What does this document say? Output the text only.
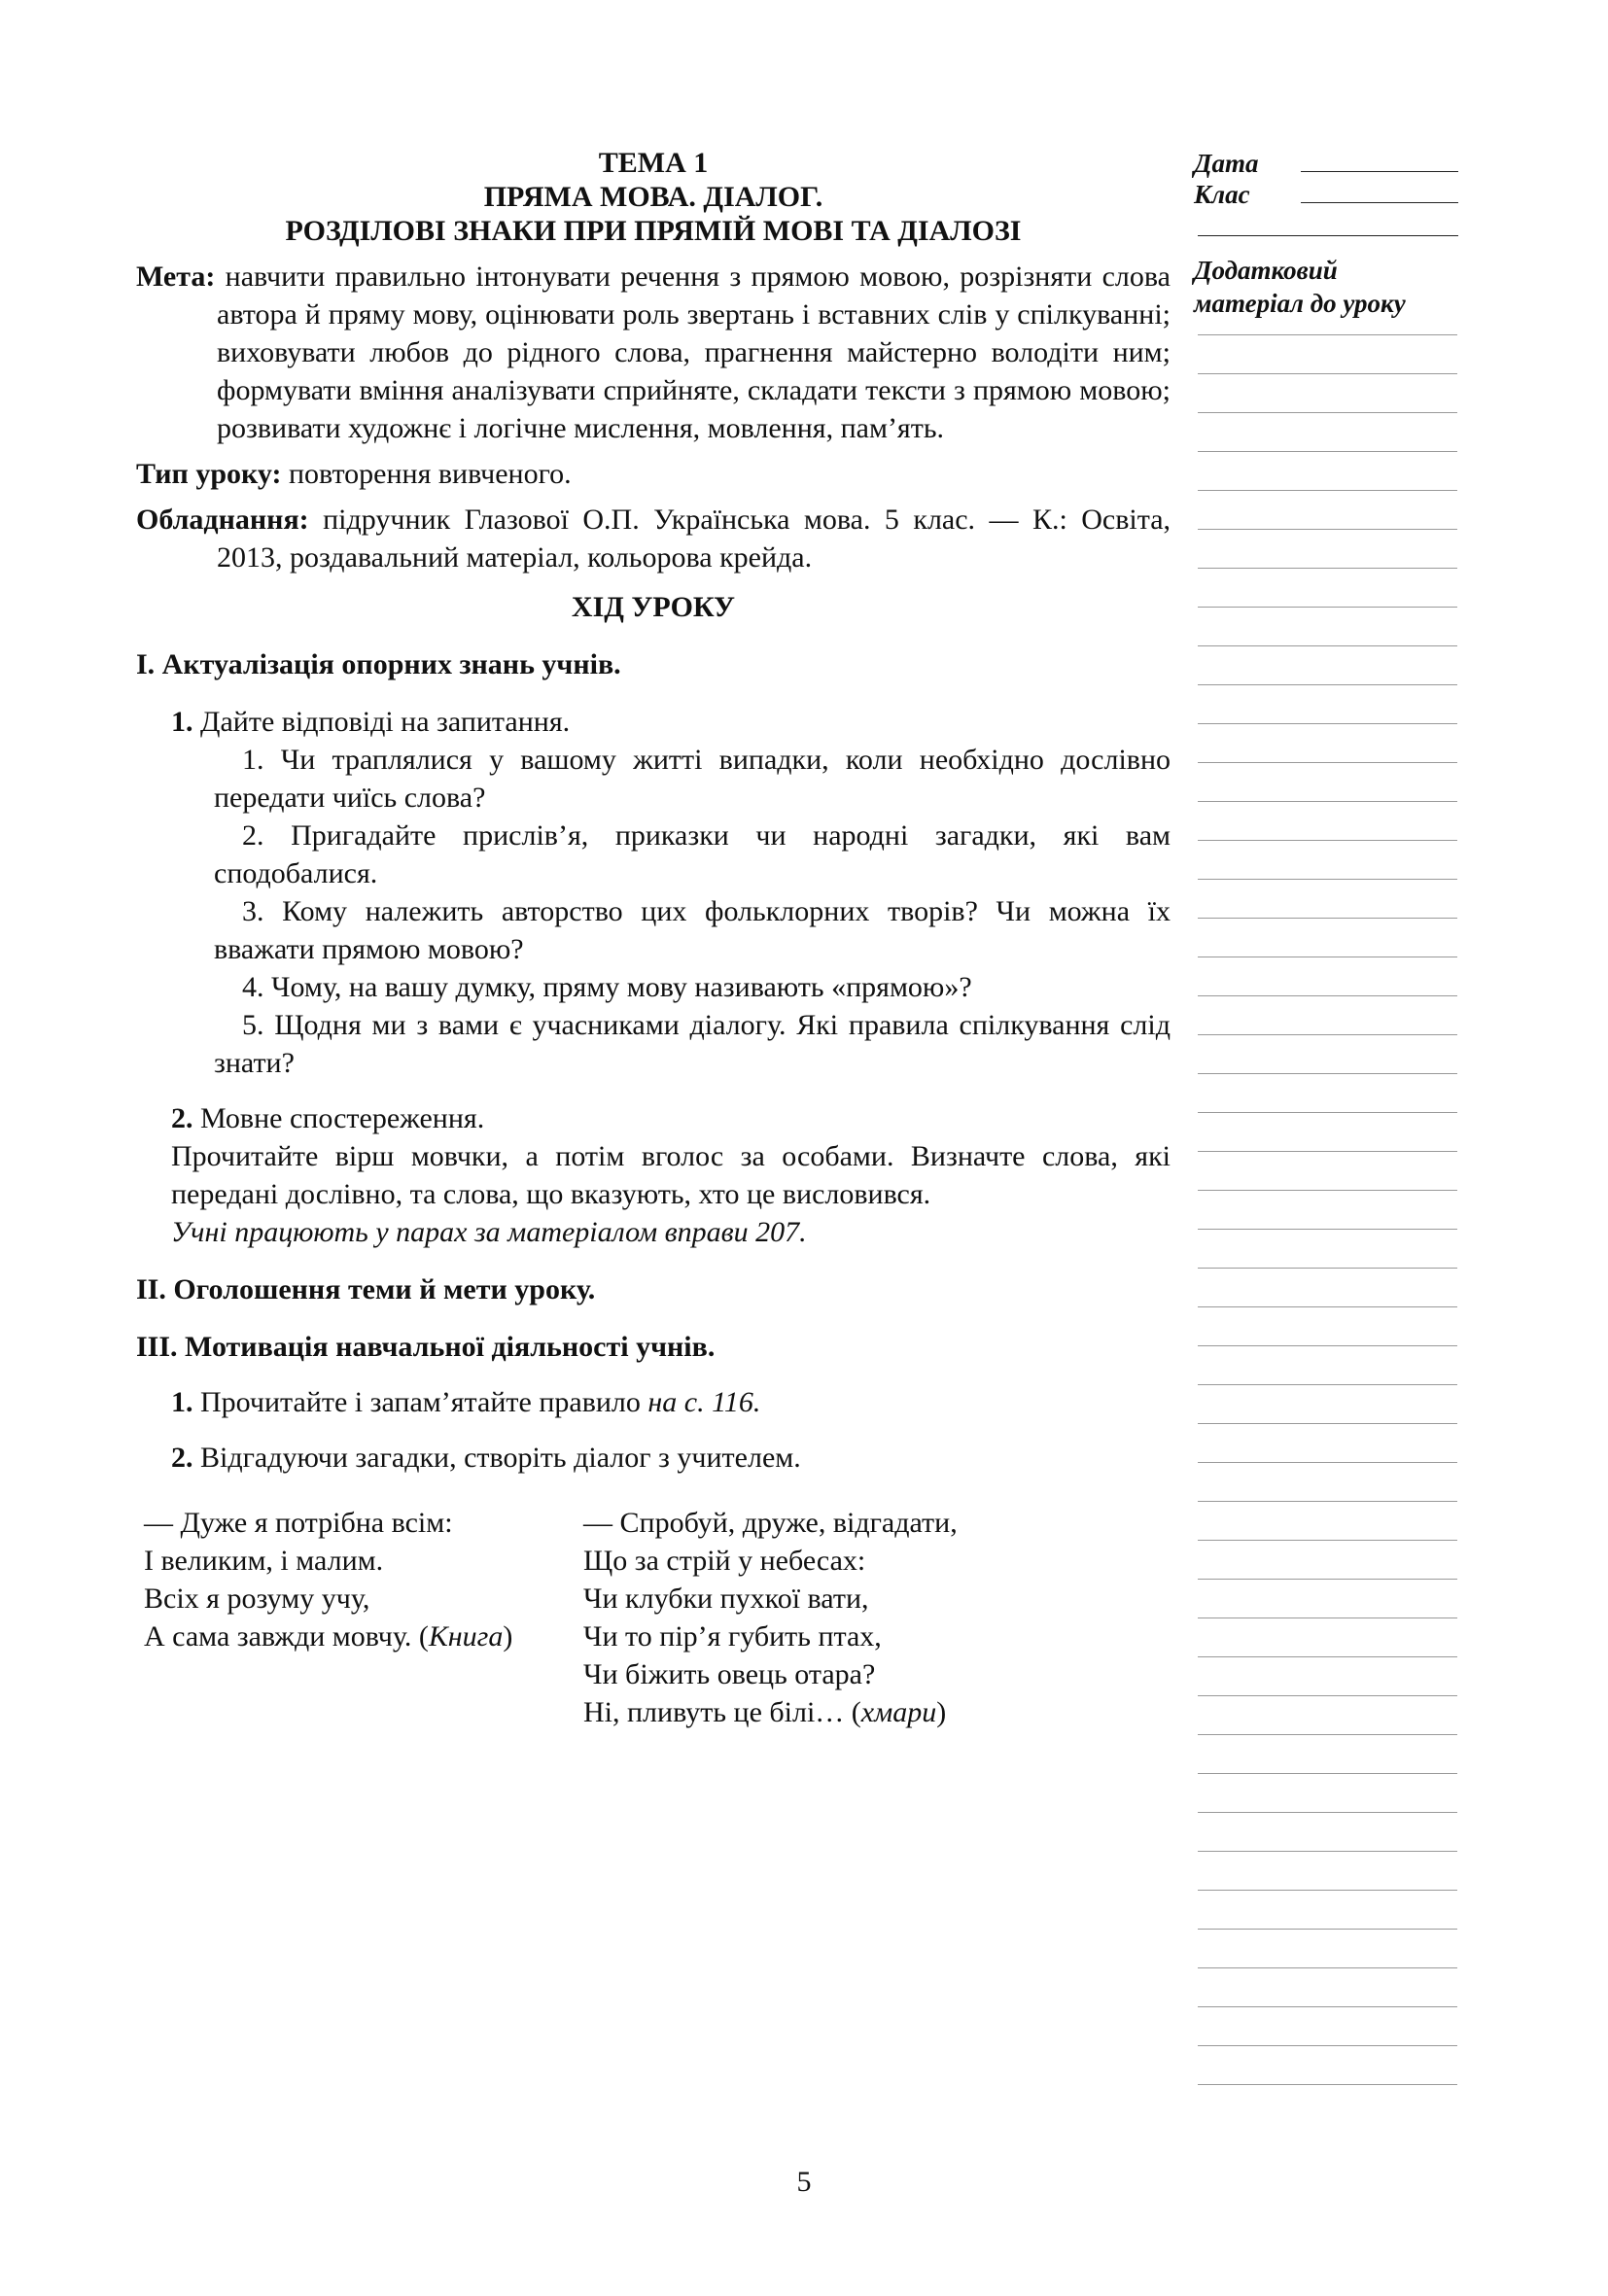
ТЕМА 1

ПРЯМА МОВА. ДІАЛОГ.

РОЗДІЛОВІ ЗНАКИ ПРИ ПРЯМІЙ МОВІ ТА ДІАЛОЗІ

Мета: навчити правильно інтонувати речення з прямою мовою, розрізняти слова автора й пряму мову, оцінювати роль звертань і вставних слів у спілкуванні; виховувати любов до рідного слова, прагнення майстерно володіти ним; формувати вміння аналізувати сприйняте, складати тексти з прямою мовою; розвивати художнє і логічне мислення, мовлення, пам’ять.

Тип уроку: повторення вивченого.

Обладнання: підручник Глазової О.П. Українська мова. 5 клас. — К.: Освіта, 2013, роздавальний матеріал, кольорова крейда.

ХІД УРОКУ

I. Актуалізація опорних знань учнів.

1. Дайте відповіді на запитання.

1. Чи траплялися у вашому житті випадки, коли необхідно дослівно передати чиїсь слова?

2. Пригадайте прислів’я, приказки чи народні загадки, які вам сподобалися.

3. Кому належить авторство цих фольклорних творів? Чи можна їх вважати прямою мовою?

4. Чому, на вашу думку, пряму мову називають «прямою»?

5. Щодня ми з вами є учасниками діалогу. Які правила спілкування слід знати?

2. Мовне спостереження.

Прочитайте вірш мовчки, а потім вголос за особами. Визначте слова, які передані дослівно, та слова, що вказують, хто це висловився.

Учні працюють у парах за матеріалом вправи 207.

II. Оголошення теми й мети уроку.

III. Мотивація навчальної діяльності учнів.

1. Прочитайте і запам’ятайте правило на с. 116.

2. Відгадуючи загадки, створіть діалог з учителем.

— Дуже я потрібна всім:

І великим, і малим.

Всіх я розуму учу,

А сама завжди мовчу. (Книга)

— Спробуй, друже, відгадати,

Що за стрій у небесах:

Чи клубки пухкої вати,

Чи то пір’я губить птах,

Чи біжить овець отара?

Ні, пливуть це білі… (хмари)

Дата
Клас
Додатковий
матеріал до уроку
5
